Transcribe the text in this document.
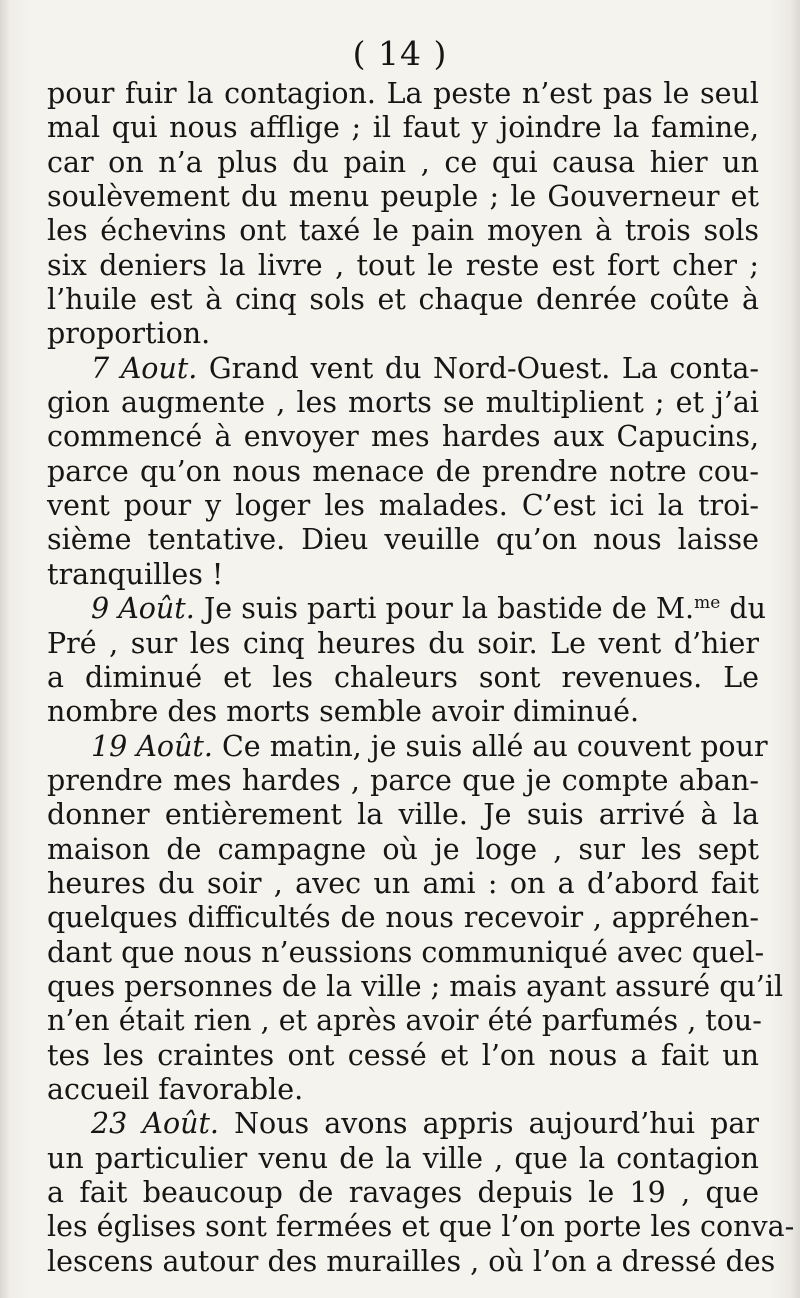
( 14 )
pour fuir la contagion. La peste n’est pas le seul
mal qui nous afflige ; il faut y joindre la famine,
car on n’a plus du pain , ce qui causa hier un
soulèvement du menu peuple ; le Gouverneur et
les échevins ont taxé le pain moyen à trois sols
six deniers la livre , tout le reste est fort cher ;
l’huile est à cinq sols et chaque denrée coûte à
proportion.
7 Aout. Grand vent du Nord-Ouest. La conta-
gion augmente , les morts se multiplient ; et j’ai
commencé à envoyer mes hardes aux Capucins,
parce qu’on nous menace de prendre notre cou-
vent pour y loger les malades. C’est ici la troi-
sième tentative. Dieu veuille qu’on nous laisse
tranquilles !
9 Août. Je suis parti pour la bastide de M.$^{me}$ du
Pré , sur les cinq heures du soir. Le vent d’hier
a diminué et les chaleurs sont revenues. Le
nombre des morts semble avoir diminué.
19 Août. Ce matin, je suis allé au couvent pour
prendre mes hardes , parce que je compte aban-
donner entièrement la ville. Je suis arrivé à la
maison de campagne où je loge , sur les sept
heures du soir , avec un ami : on a d’abord fait
quelques difficultés de nous recevoir , appréhen-
dant que nous n’eussions communiqué avec quel-
ques personnes de la ville ; mais ayant assuré qu’il
n’en était rien , et après avoir été parfumés , tou-
tes les craintes ont cessé et l’on nous a fait un
accueil favorable.
23 Août. Nous avons appris aujourd’hui par
un particulier venu de la ville , que la contagion
a fait beaucoup de ravages depuis le 19 , que
les églises sont fermées et que l’on porte les conva-
lescens autour des murailles , où l’on a dressé des
